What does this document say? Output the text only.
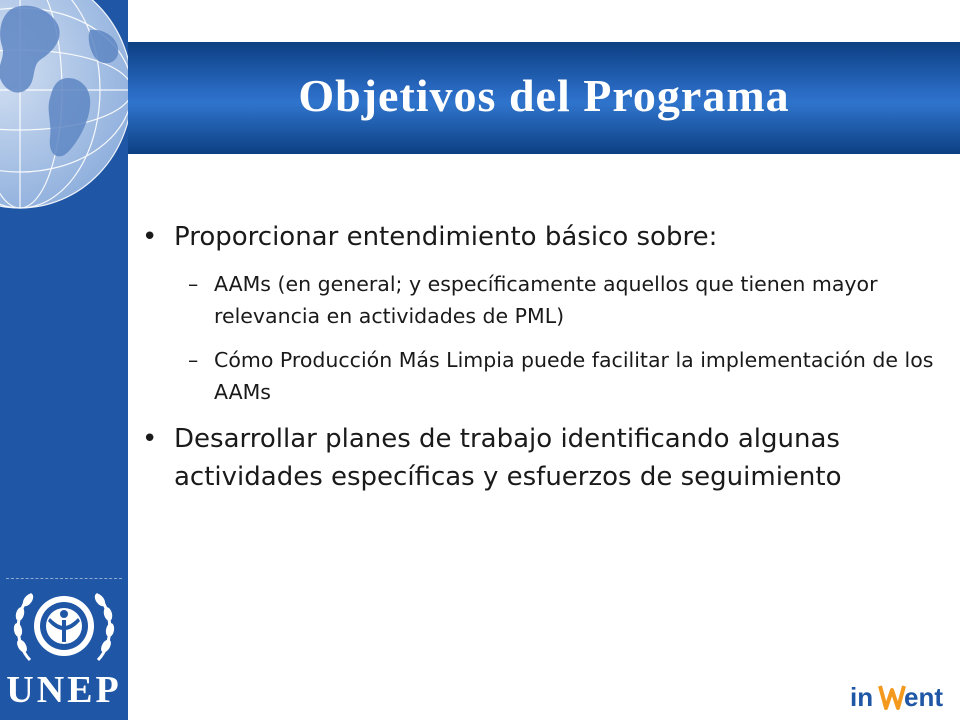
UNEP
Objetivos del Programa
• Proporcionar entendimiento básico sobre:
– AAMs (en general; y específicamente aquellos que tienen mayor relevancia en actividades de PML)
– Cómo Producción Más Limpia puede facilitar la implementación de los AAMs
• Desarrollar planes de trabajo identificando algunas actividades específicas y esfuerzos de seguimiento
in ent
